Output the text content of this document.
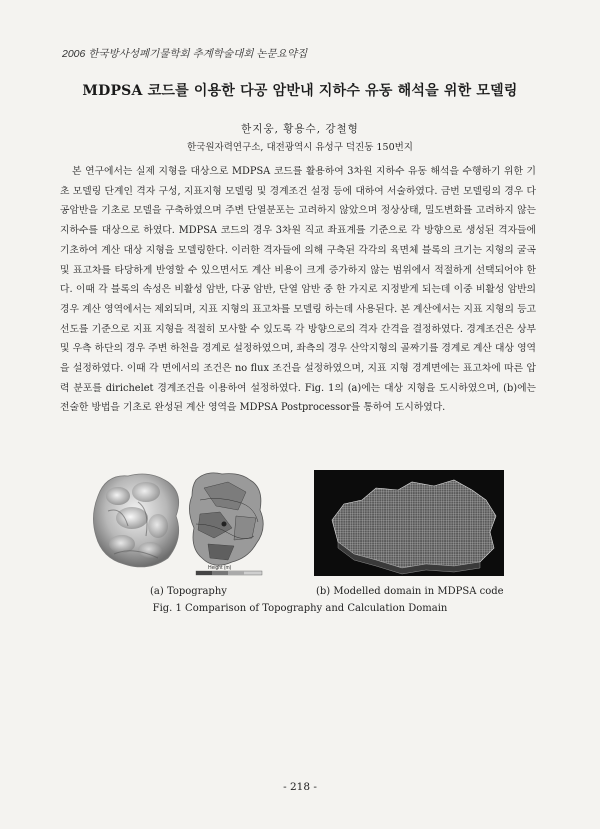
2006 한국방사성폐기물학회 추계학술대회 논문요약집
MDPSA 코드를 이용한 다공 암반내 지하수 유동 해석을 위한 모델링
한지웅, 황용수, 강철형
한국원자력연구소, 대전광역시 유성구 덕진동 150번지
본 연구에서는 실제 지형을 대상으로 MDPSA 코드를 활용하여 3차원 지하수 유동 해석을 수행하기 위한 기초 모델링 단계인 격자 구성, 지표지형 모델링 및 경계조건 설정 등에 대하여 서술하였다. 금번 모델링의 경우 다공암반을 기초로 모델을 구축하였으며 주변 단열분포는 고려하지 않았으며 정상상태, 밀도변화를 고려하지 않는 지하수를 대상으로 하였다. MDPSA 코드의 경우 3차원 직교 좌표계를 기준으로 각 방향으로 생성된 격자들에 기초하여 계산 대상 지형을 모델링한다. 이러한 격자들에 의해 구축된 각각의 육면체 블록의 크기는 지형의 굴곡 및 표고차를 타당하게 반영할 수 있으면서도 계산 비용이 크게 증가하지 않는 범위에서 적절하게 선택되어야 한다. 이때 각 블록의 속성은 비활성 암반, 다공 암반, 단열 암반 중 한 가지로 지정받게 되는데 이중 비활성 암반의 경우 계산 영역에서는 제외되며, 지표 지형의 표고차를 모델링 하는데 사용된다. 본 계산에서는 지표 지형의 등고선도를 기준으로 지표 지형을 적절히 모사할 수 있도록 각 방향으로의 격자 간격을 결정하였다. 경계조건은 상부 및 우측 하단의 경우 주변 하천을 경계로 설정하였으며, 좌측의 경우 산악지형의 골짜기를 경계로 계산 대상 영역을 설정하였다. 이때 각 면에서의 조건은 no flux 조건을 설정하였으며, 지표 지형 경계면에는 표고차에 따른 압력 분포를 dirichelet 경계조건을 이용하여 설정하였다. Fig. 1의 (a)에는 대상 지형을 도시하였으며, (b)에는 전술한 방법을 기초로 완성된 계산 영역을 MDPSA Postprocessor를 통하여 도시하였다.
Height (m)
(a) Topography	(b) Modelled domain in MDPSA code
Fig. 1 Comparison of Topography and Calculation Domain
- 218 -
